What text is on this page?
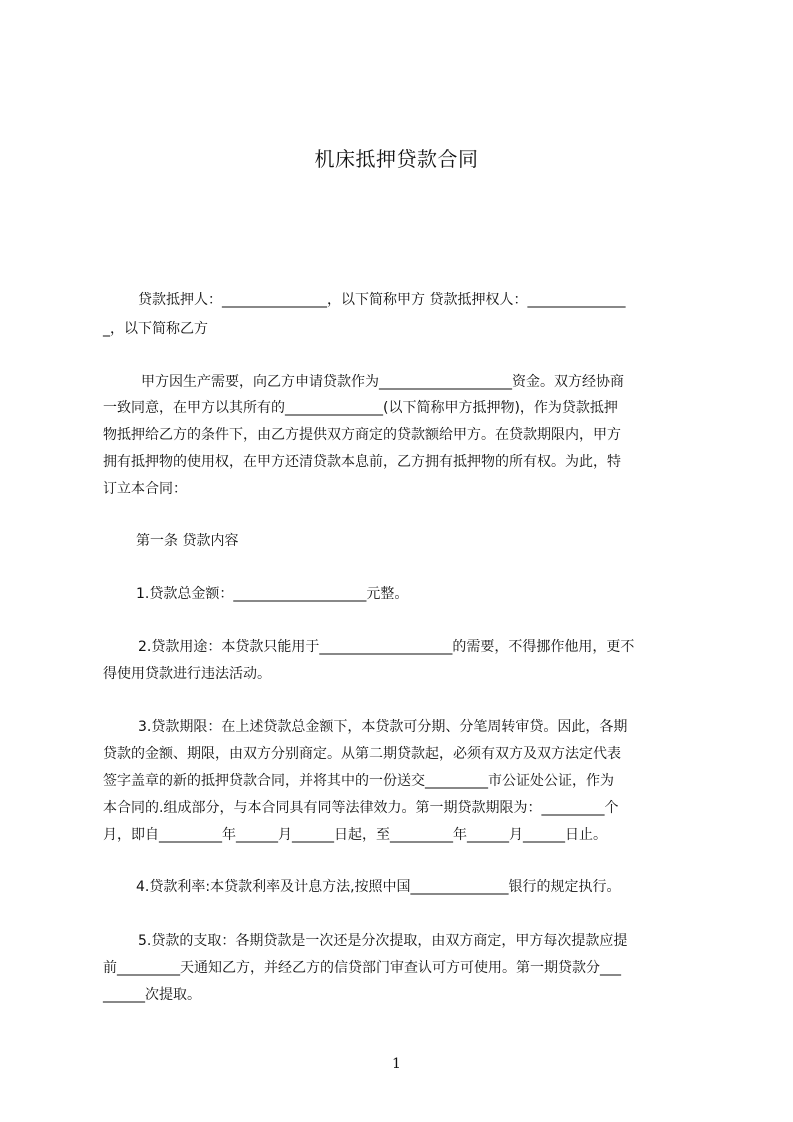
机床抵押贷款合同
贷款抵押人：_______________，以下简称甲方 贷款抵押权人：______________
_，以下简称乙方
甲方因生产需要，向乙方申请贷款作为___________________资金。双方经协商
一致同意，在甲方以其所有的______________(以下简称甲方抵押物)，作为贷款抵押
物抵押给乙方的条件下，由乙方提供双方商定的贷款额给甲方。在贷款期限内，甲方
拥有抵押物的使用权，在甲方还清贷款本息前，乙方拥有抵押物的所有权。为此，特
订立本合同：
第一条 贷款内容
1.贷款总金额：___________________元整。
2.贷款用途：本贷款只能用于___________________的需要，不得挪作他用，更不
得使用贷款进行违法活动。
3.贷款期限：在上述贷款总金额下，本贷款可分期、分笔周转审贷。因此，各期
贷款的金额、期限，由双方分别商定。从第二期贷款起，必须有双方及双方法定代表
签字盖章的新的抵押贷款合同，并将其中的一份送交_________市公证处公证，作为
本合同的.组成部分，与本合同具有同等法律效力。第一期贷款期限为：_________个
月，即自_________年______月______日起，至_________年______月______日止。
4.贷款利率:本贷款利率及计息方法,按照中国______________银行的规定执行。
5.贷款的支取：各期贷款是一次还是分次提取，由双方商定，甲方每次提款应提
前_________天通知乙方，并经乙方的信贷部门审查认可方可使用。第一期贷款分___
______次提取。
1
